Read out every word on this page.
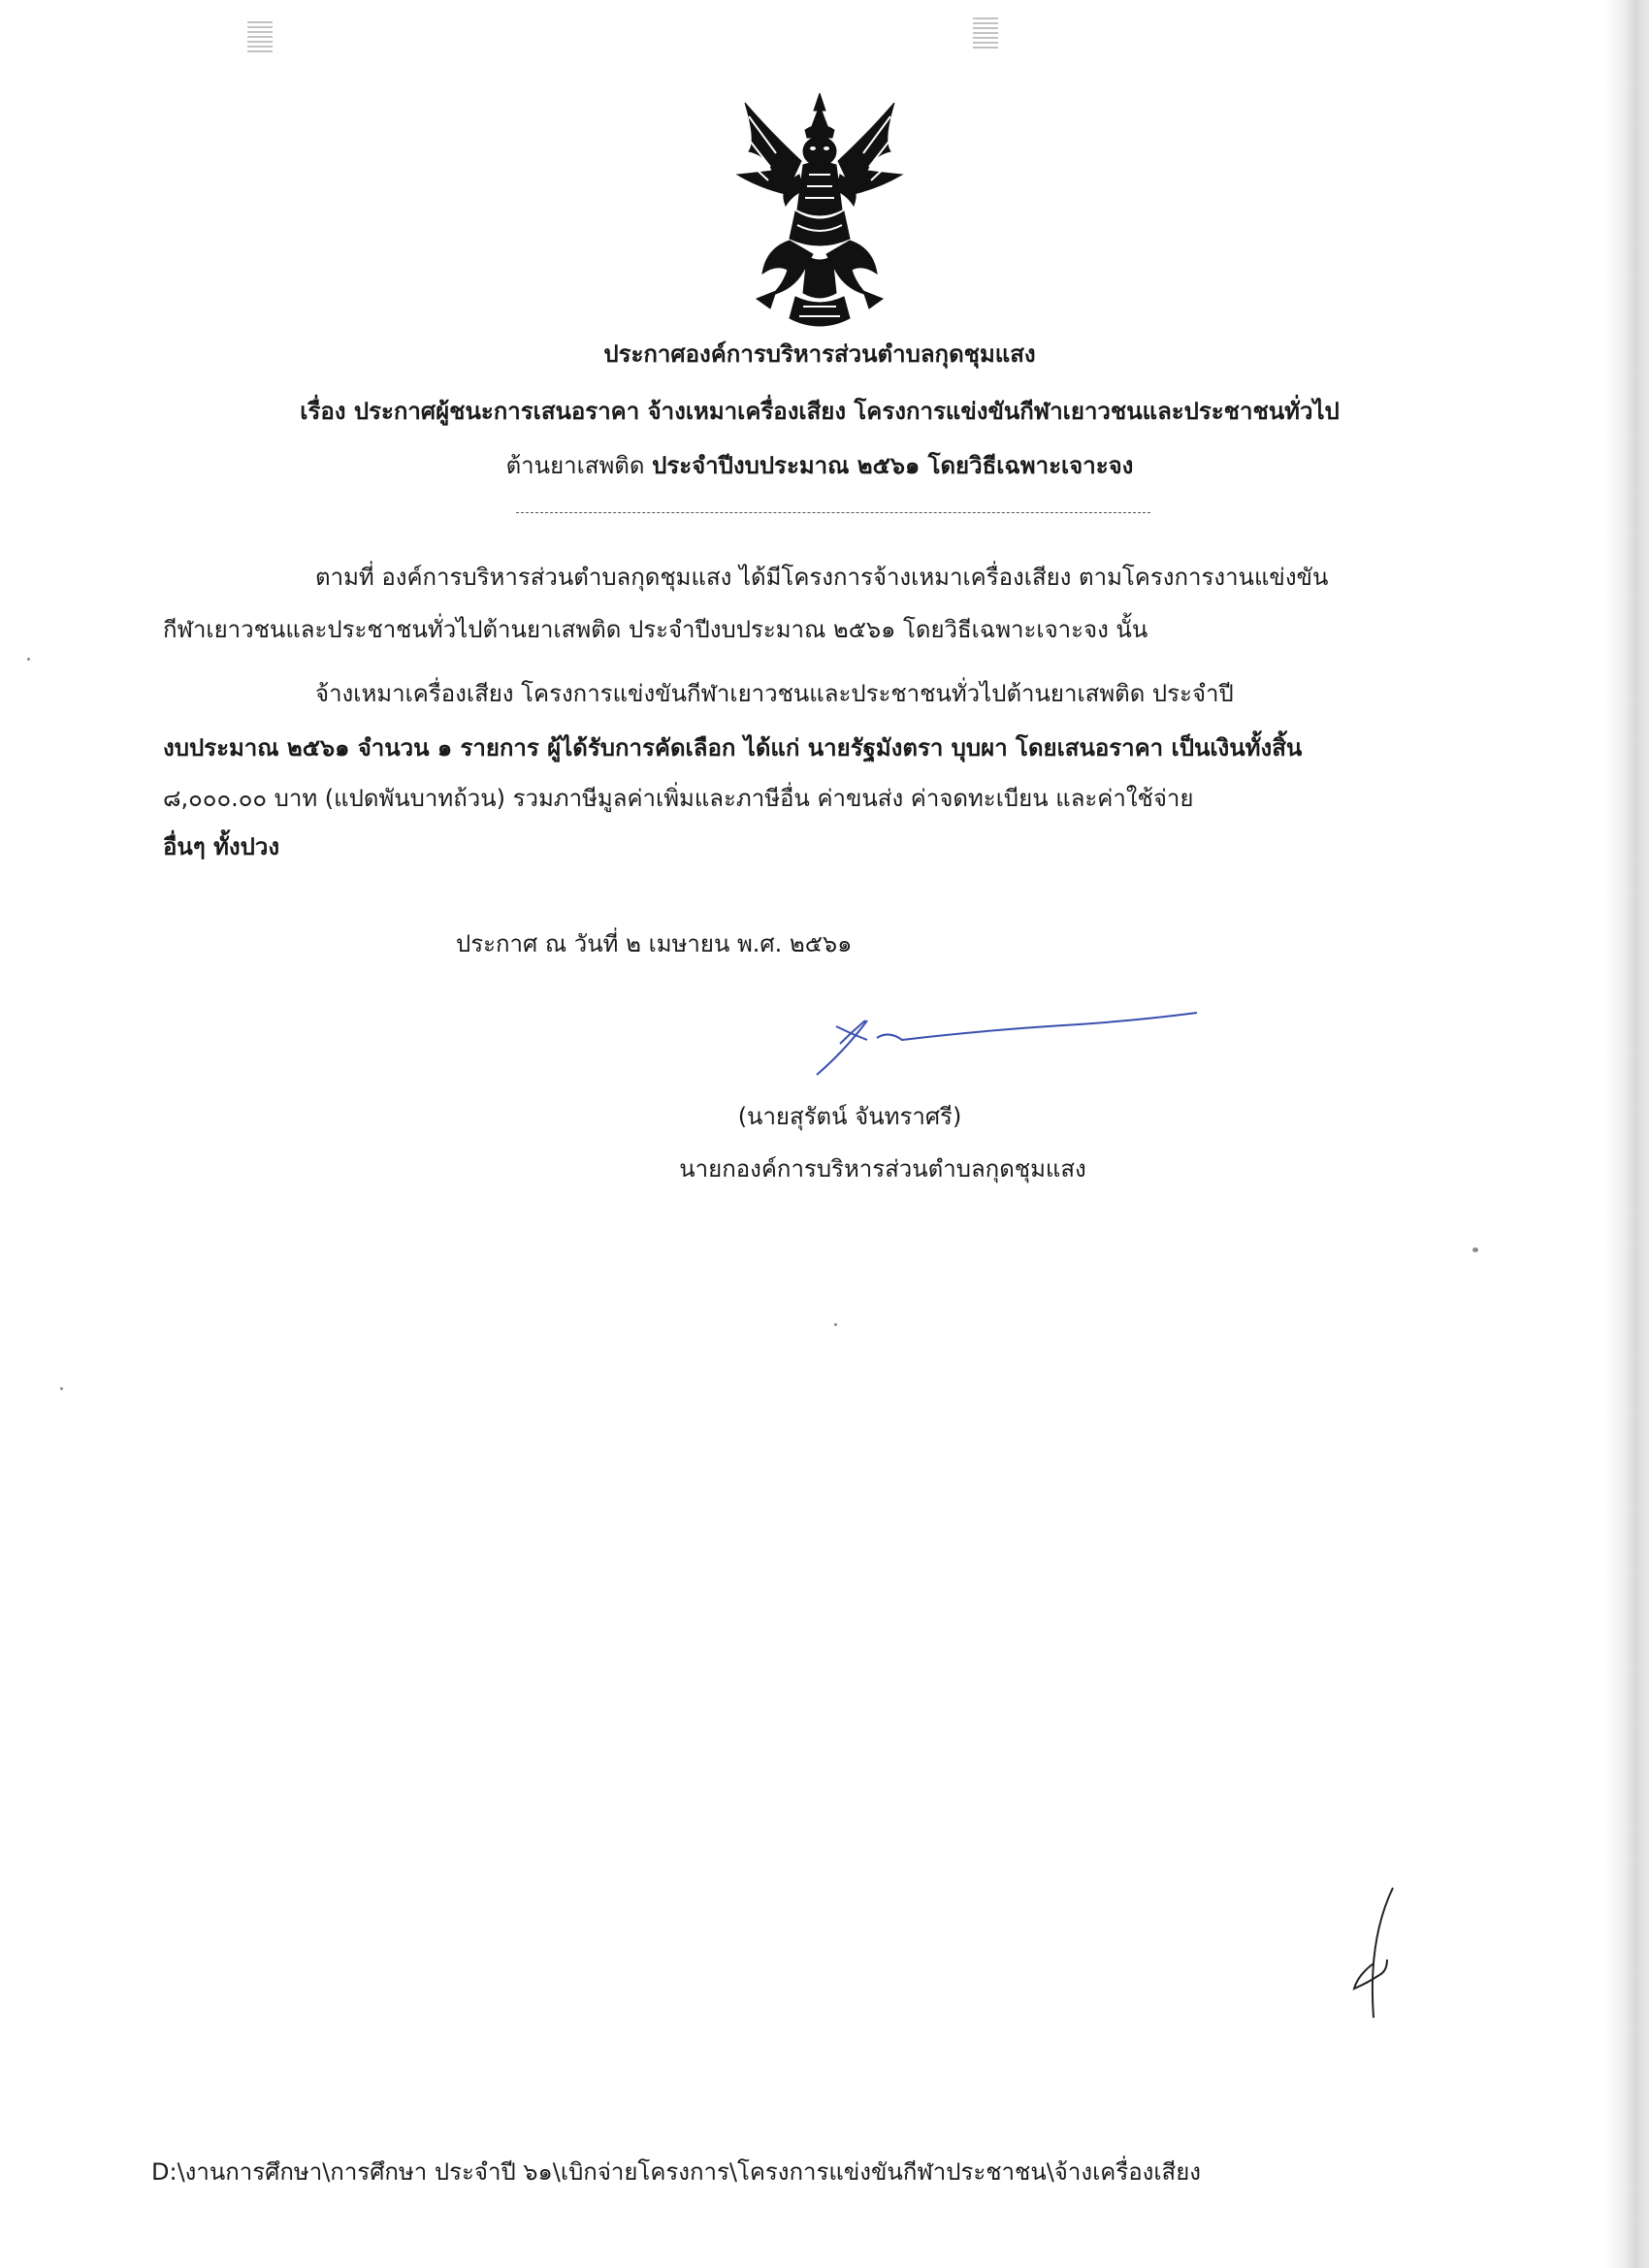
ประกาศองค์การบริหารส่วนตำบลกุดชุมแสง
เรื่อง ประกาศผู้ชนะการเสนอราคา จ้างเหมาเครื่องเสียง โครงการแข่งขันกีฬาเยาวชนและประชาชนทั่วไป
ต้านยาเสพติด ประจำปีงบประมาณ ๒๕๖๑ โดยวิธีเฉพาะเจาะจง
ตามที่ องค์การบริหารส่วนตำบลกุดชุมแสง ได้มีโครงการจ้างเหมาเครื่องเสียง ตามโครงการงานแข่งขัน
กีฬาเยาวชนและประชาชนทั่วไปต้านยาเสพติด ประจำปีงบประมาณ ๒๕๖๑ โดยวิธีเฉพาะเจาะจง นั้น
จ้างเหมาเครื่องเสียง โครงการแข่งขันกีฬาเยาวชนและประชาชนทั่วไปต้านยาเสพติด ประจำปี
งบประมาณ ๒๕๖๑ จำนวน ๑ รายการ ผู้ได้รับการคัดเลือก ได้แก่ นายรัฐมังตรา บุบผา โดยเสนอราคา เป็นเงินทั้งสิ้น
๘,๐๐๐.๐๐ บาท (แปดพันบาทถ้วน) รวมภาษีมูลค่าเพิ่มและภาษีอื่น ค่าขนส่ง ค่าจดทะเบียน และค่าใช้จ่าย
อื่นๆ ทั้งปวง
ประกาศ ณ วันที่ ๒ เมษายน พ.ศ. ๒๕๖๑
(นายสุรัตน์ จันทราศรี)
นายกองค์การบริหารส่วนตำบลกุดชุมแสง
D:\งานการศึกษา\การศึกษา ประจำปี ๖๑\เบิกจ่ายโครงการ\โครงการแข่งขันกีฬาประชาชน\จ้างเครื่องเสียง
